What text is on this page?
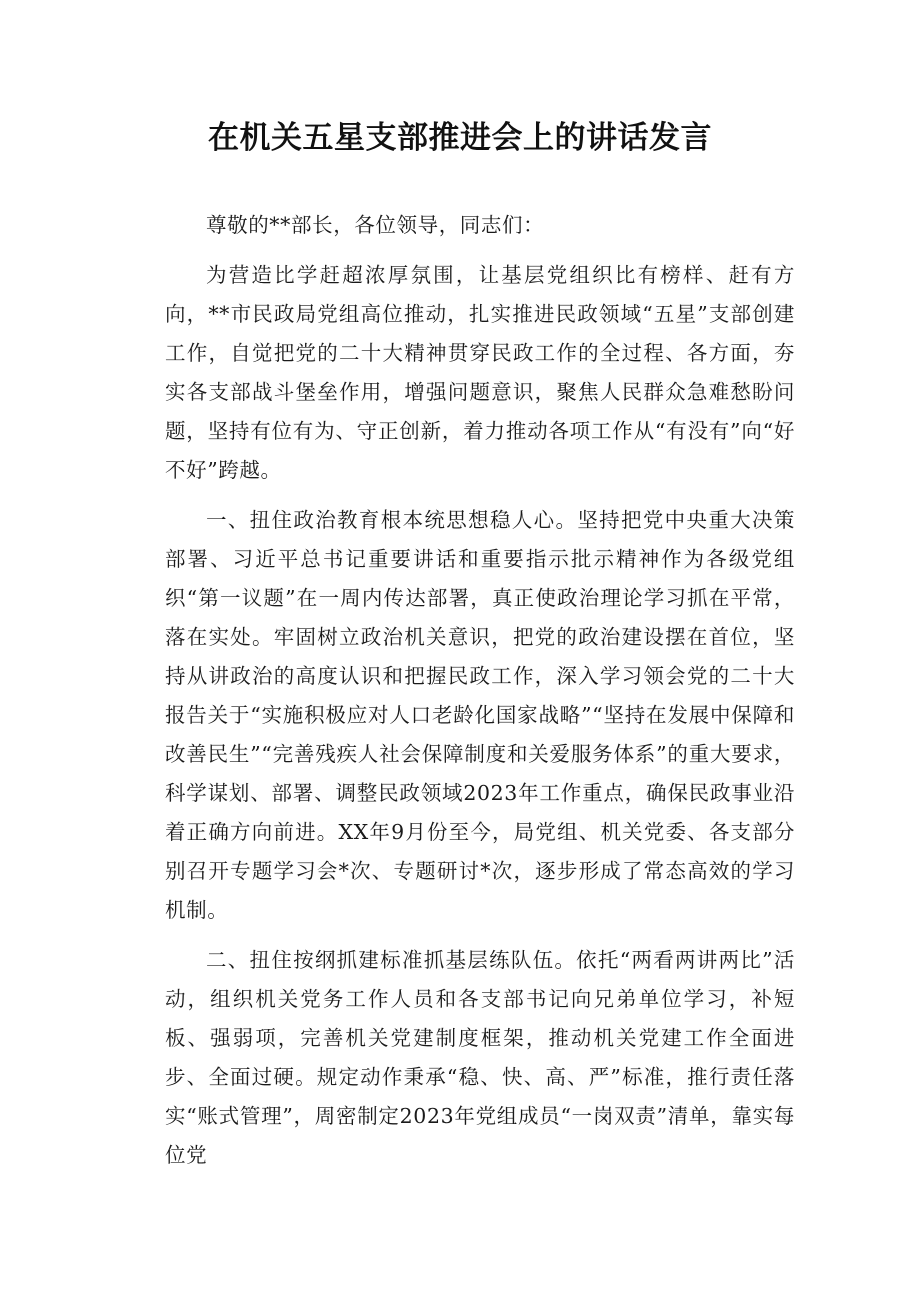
在机关五星支部推进会上的讲话发言

尊敬的**部长，各位领导，同志们：

为营造比学赶超浓厚氛围，让基层党组织比有榜样、赶有方向，**市民政局党组高位推动，扎实推进民政领域“五星”支部创建工作，自觉把党的二十大精神贯穿民政工作的全过程、各方面，夯实各支部战斗堡垒作用，增强问题意识，聚焦人民群众急难愁盼问题，坚持有位有为、守正创新，着力推动各项工作从“有没有”向“好不好”跨越。

一、扭住政治教育根本统思想稳人心。坚持把党中央重大决策部署、习近平总书记重要讲话和重要指示批示精神作为各级党组织“第一议题”在一周内传达部署，真正使政治理论学习抓在平常，落在实处。牢固树立政治机关意识，把党的政治建设摆在首位，坚持从讲政治的高度认识和把握民政工作，深入学习领会党的二十大报告关于“实施积极应对人口老龄化国家战略”“坚持在发展中保障和改善民生”“完善残疾人社会保障制度和关爱服务体系”的重大要求，科学谋划、部署、调整民政领域2023年工作重点，确保民政事业沿着正确方向前进。XX年9月份至今，局党组、机关党委、各支部分别召开专题学习会*次、专题研讨*次，逐步形成了常态高效的学习机制。

二、扭住按纲抓建标准抓基层练队伍。依托“两看两讲两比”活动，组织机关党务工作人员和各支部书记向兄弟单位学习，补短板、强弱项，完善机关党建制度框架，推动机关党建工作全面进步、全面过硬。规定动作秉承“稳、快、高、严”标准，推行责任落实“账式管理”，周密制定2023年党组成员“一岗双责”清单，靠实每位党
